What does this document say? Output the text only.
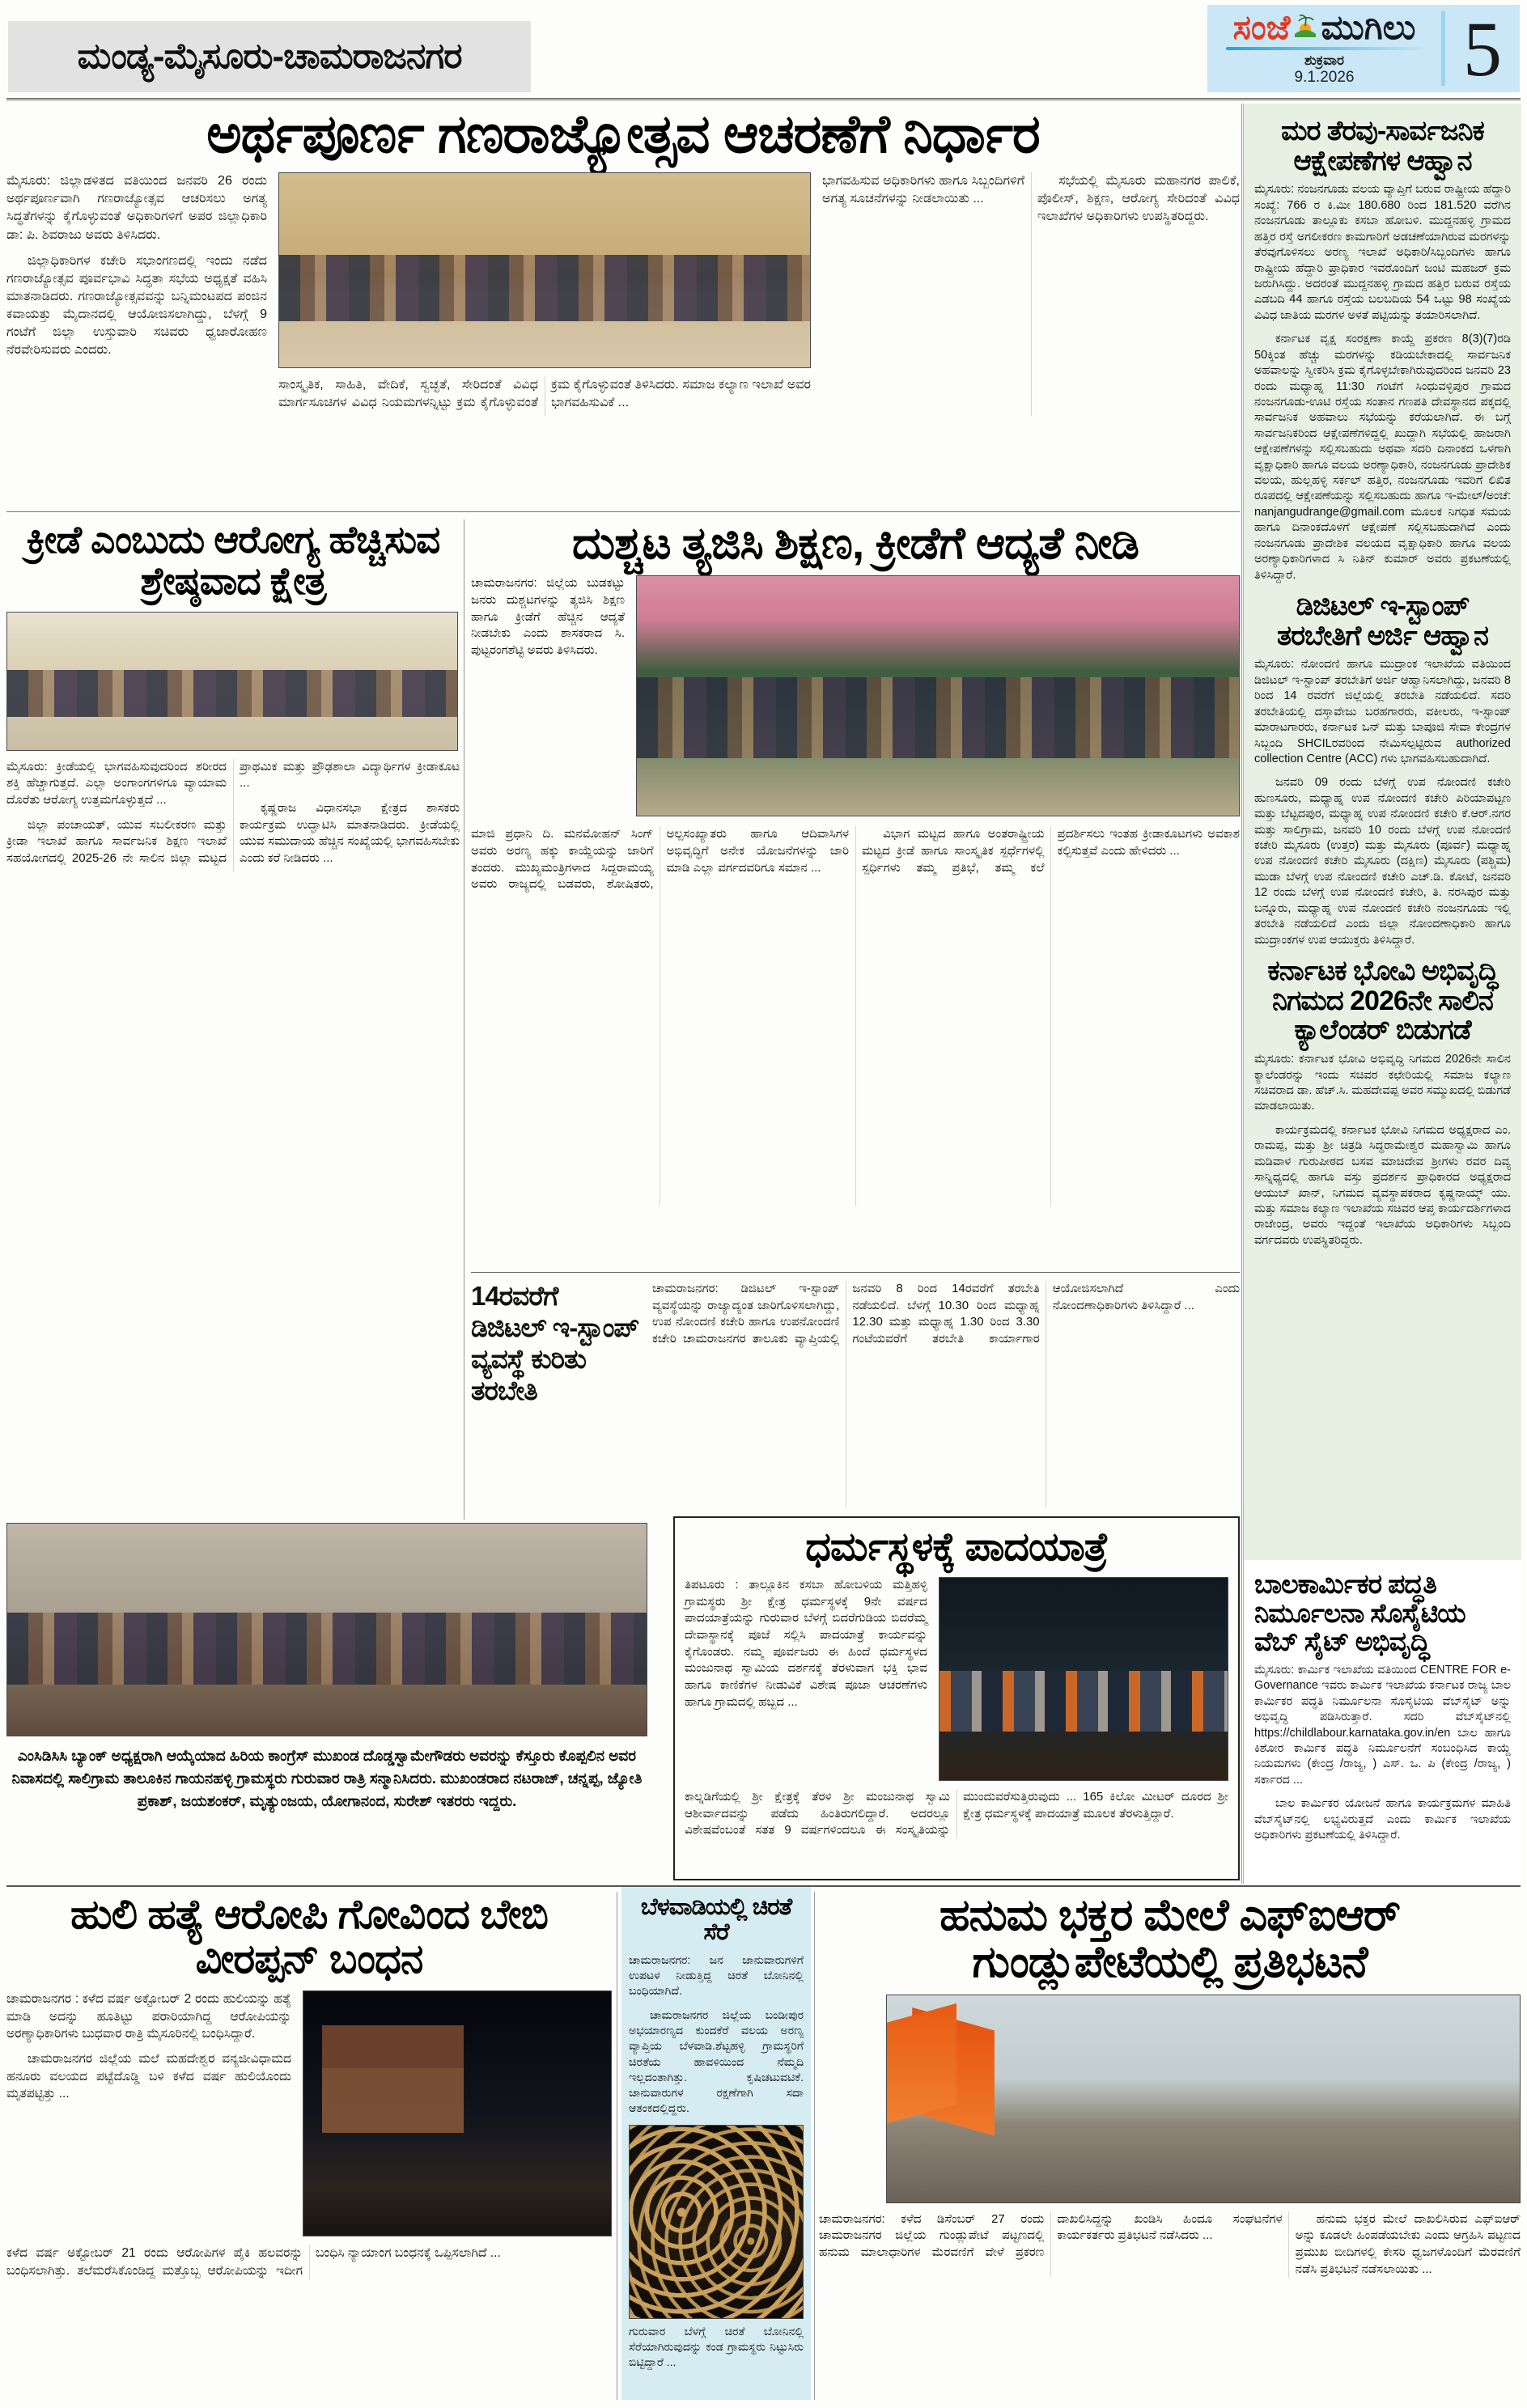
ಮಂಡ್ಯ-ಮೈಸೂರು-ಚಾಮರಾಜನಗರ
ಸಂಜೆ ಮುಗಿಲು
ಶುಕ್ರವಾರ
9.1.2026 5
ಅರ್ಥಪೂರ್ಣ ಗಣರಾಜ್ಯೋತ್ಸವ ಆಚರಣೆಗೆ ನಿರ್ಧಾರ

ಮೈಸೂರು: ಜಿಲ್ಲಾಡಳಿತದ ವತಿಯಿಂದ ಜನವರಿ 26 ರಂದು ಅರ್ಥಪೂರ್ಣವಾಗಿ ಗಣರಾಜ್ಯೋತ್ಸವ ಆಚರಿಸಲು ಅಗತ್ಯ ಸಿದ್ಧತೆಗಳನ್ನು ಕೈಗೊಳ್ಳುವಂತೆ ಅಧಿಕಾರಿಗಳಿಗೆ ಅಪರ ಜಿಲ್ಲಾಧಿಕಾರಿ ಡಾ: ಪಿ. ಶಿವರಾಜು ಅವರು ತಿಳಿಸಿದರು.

ಜಿಲ್ಲಾಧಿಕಾರಿಗಳ ಕಚೇರಿ ಸಭಾಂಗಣದಲ್ಲಿ ಇಂದು ನಡೆದ ಗಣರಾಜ್ಯೋತ್ಸವ ಪೂರ್ವಭಾವಿ ಸಿದ್ಧತಾ ಸಭೆಯ ಅಧ್ಯಕ್ಷತೆ ವಹಿಸಿ ಮಾತನಾಡಿದರು. ಗಣರಾಜ್ಯೋತ್ಸವವನ್ನು ಬನ್ನಿಮಂಟಪದ ಪಂಜಿನ ಕವಾಯತ್ತು ಮೈದಾನದಲ್ಲಿ ಆಯೋಜಿಸಲಾಗಿದ್ದು, ಬೆಳಗ್ಗೆ 9 ಗಂಟೆಗೆ ಜಿಲ್ಲಾ ಉಸ್ತುವಾರಿ ಸಚಿವರು ಧ್ವಜಾರೋಹಣ ನೆರವೇರಿಸುವರು ಎಂದರು.

ಸಾಂಸ್ಕೃತಿಕ, ಸಾಹಿತಿ, ವೇದಿಕೆ, ಸ್ವಚ್ಛತೆ, ಸೇರಿದಂತೆ ವಿವಿಧ ಮಾರ್ಗಸೂಚಿಗಳ ವಿವಿಧ ನಿಯಮಗಳನ್ನಿಟ್ಟು ಕ್ರಮ ಕೈಗೊಳ್ಳುವಂತೆ ಕ್ರಮ ಕೈಗೊಳ್ಳುವಂತೆ ತಿಳಿಸಿದರು. ಸಮಾಜ ಕಲ್ಯಾಣ ಇಲಾಖೆ ಅವರ ಭಾಗವಹಿಸುವಿಕೆ ...

ಭಾಗವಹಿಸುವ ಅಧಿಕಾರಿಗಳು ಹಾಗೂ ಸಿಬ್ಬಂದಿಗಳಿಗೆ ಅಗತ್ಯ ಸೂಚನೆಗಳನ್ನು ನೀಡಲಾಯಿತು ...

ಸಭೆಯಲ್ಲಿ ಮೈಸೂರು ಮಹಾನಗರ ಪಾಲಿಕೆ, ಪೊಲೀಸ್, ಶಿಕ್ಷಣ, ಆರೋಗ್ಯ ಸೇರಿದಂತೆ ವಿವಿಧ ಇಲಾಖೆಗಳ ಅಧಿಕಾರಿಗಳು ಉಪಸ್ಥಿತರಿದ್ದರು.

ಮರ ತೆರವು-ಸಾರ್ವಜನಿಕ ಆಕ್ಷೇಪಣೆಗಳ ಆಹ್ವಾನ

ಮೈಸೂರು: ನಂಜನಗೂಡು ವಲಯ ವ್ಯಾಪ್ತಿಗೆ ಬರುವ ರಾಷ್ಟ್ರೀಯ ಹೆದ್ದಾರಿ ಸಂಖ್ಯೆ: 766 ರ ಕಿ.ಮೀ 180.680 ರಿಂದ 181.520 ವರೆಗಿನ ನಂಜನಗೂಡು ತಾಲ್ಲೂಕು ಕಸಬಾ ಹೋಬಳಿ. ಮುದ್ದನಹಳ್ಳಿ ಗ್ರಾಮದ ಹತ್ತಿರ ರಸ್ತೆ ಅಗಲೀಕರಣ ಕಾಮಗಾರಿಗೆ ಅಡಚಣೆಯಾಗಿರುವ ಮರಗಳನ್ನು ತೆರವುಗೊಳಿಸಲು ಅರಣ್ಯ ಇಲಾಖೆ ಅಧಿಕಾರಿ/ಸಿಬ್ಬಂದಿಗಳು ಹಾಗೂ ರಾಷ್ಟ್ರೀಯ ಹೆದ್ದಾರಿ ಪ್ರಾಧಿಕಾರ ಇವರೊಂದಿಗೆ ಜಂಟಿ ಮಹಜರ್ ಕ್ರಮ ಜರುಗಿಸಿದ್ದು. ಅದರಂತೆ ಮುದ್ದನಹಳ್ಳಿ ಗ್ರಾಮದ ಹತ್ತಿರ ಬರುವ ರಸ್ತೆಯ ಎಡಬದಿ 44 ಹಾಗೂ ರಸ್ತೆಯ ಬಲಬದಿಯ 54 ಒಟ್ಟು 98 ಸಂಖ್ಯೆಯ ವಿವಿಧ ಜಾತಿಯ ಮರಗಳ ಅಳತೆ ಪಟ್ಟಿಯನ್ನು ತಯಾರಿಸಲಾಗಿದೆ.

ಕರ್ನಾಟಕ ವೃಕ್ಷ ಸಂರಕ್ಷಣಾ ಕಾಯ್ದೆ ಪ್ರಕರಣ 8(3)(7)ರಡಿ 50ಕ್ಕಿಂತ ಹೆಚ್ಚು ಮರಗಳನ್ನು ಕಡಿಯಬೇಕಾದಲ್ಲಿ ಸಾರ್ವಜನಿಕ ಅಹವಾಲನ್ನು ಸ್ವೀಕರಿಸಿ ಕ್ರಮ ಕೈಗೊಳ್ಳಬೇಕಾಗಿರುವುದರಿಂದ ಜನವರಿ 23 ರಂದು ಮಧ್ಯಾಹ್ನ 11:30 ಗಂಟೆಗೆ ಸಿಂಧುವಳ್ಳಿಪುರ ಗ್ರಾಮದ ನಂಜನಗೂಡು-ಊಟಿ ರಸ್ತೆಯ ಸಂತಾನ ಗಣಪತಿ ದೇವಸ್ಥಾನದ ಪಕ್ಕದಲ್ಲಿ ಸಾರ್ವಜನಿಕ ಅಹವಾಲು ಸಭೆಯನ್ನು ಕರೆಯಲಾಗಿದೆ. ಈ ಬಗ್ಗೆ ಸಾರ್ವಜನಿಕರಿಂದ ಆಕ್ಷೇಪಣೆಗಳಿದ್ದಲ್ಲಿ ಖುದ್ದಾಗಿ ಸಭೆಯಲ್ಲಿ ಹಾಜರಾಗಿ ಆಕ್ಷೇಪಣೆಗಳನ್ನು ಸಲ್ಲಿಸಬಹುದು ಅಥವಾ ಸದರಿ ದಿನಾಂಕದ ಒಳಗಾಗಿ ವೃಕ್ಷಾಧಿಕಾರಿ ಹಾಗೂ ವಲಯ ಅರಣ್ಯಾಧಿಕಾರಿ, ನಂಜನಗೂಡು ಪ್ರಾದೇಶಿಕ ವಲಯ, ಹುಲ್ಲಹಳ್ಳಿ ಸರ್ಕಲ್ ಹತ್ತಿರ, ನಂಜನಗೂಡು ಇವರಿಗೆ ಲಿಖಿತ ರೂಪದಲ್ಲಿ ಆಕ್ಷೇಪಣೆಯನ್ನು ಸಲ್ಲಿಸಬಹುದು ಹಾಗೂ ಇ-ಮೇಲ್/ಅಂಚೆ: nanjangudrange@gmail.com ಮೂಲಕ ನಿಗಧಿತ ಸಮಯ ಹಾಗೂ ದಿನಾಂಕದೊಳಗೆ ಆಕ್ಷೇಪಣೆ ಸಲ್ಲಿಸಬಹುದಾಗಿದೆ ಎಂದು ನಂಜನಗೂಡು ಪ್ರಾದೇಶಿಕ ವಲಯದ ವೃಕ್ಷಾಧಿಕಾರಿ ಹಾಗೂ ವಲಯ ಅರಣ್ಯಾಧಿಕಾರಿಗಳಾದ ಸಿ ನಿತಿನ್ ಕುಮಾರ್ ಅವರು ಪ್ರಕಟಣೆಯಲ್ಲಿ ತಿಳಿಸಿದ್ದಾರೆ.

ಡಿಜಿಟಲ್ ಇ-ಸ್ಟಾಂಪ್ ತರಬೇತಿಗೆ ಅರ್ಜಿ ಆಹ್ವಾನ

ಮೈಸೂರು: ನೋಂದಣಿ ಹಾಗೂ ಮುದ್ರಾಂಕ ಇಲಾಖೆಯ ವತಿಯಿಂದ ಡಿಜಿಟಲ್ ಇ-ಸ್ಟಾಂಪ್ ತರಬೇತಿಗೆ ಅರ್ಜಿ ಆಹ್ವಾನಿಸಲಾಗಿದ್ದು, ಜನವರಿ 8 ರಿಂದ 14 ರವರೆಗೆ ಜಿಲ್ಲೆಯಲ್ಲಿ ತರಬೇತಿ ನಡೆಯಲಿದೆ. ಸದರಿ ತರಬೇತಿಯಲ್ಲಿ ದಸ್ತಾವೇಜು ಬರಹಗಾರರು, ವಕೀಲರು, ಇ-ಸ್ಟಾಂಪ್ ಮಾರಾಟಗಾರರು, ಕರ್ನಾಟಕ ಒನ್ ಮತ್ತು ಬಾಪೂಜಿ ಸೇವಾ ಕೇಂದ್ರಗಳ ಸಿಬ್ಬಂದಿ SHCILರವರಿಂದ ನೇಮಿಸಲ್ಪಟ್ಟಿರುವ authorized collection Centre (ACC) ಗಳು ಭಾಗವಹಿಸಬಹುದಾಗಿದೆ.

ಜನವರಿ 09 ರಂದು ಬೆಳಗ್ಗೆ ಉಪ ನೋಂದಣಿ ಕಚೇರಿ ಹುಣಸೂರು, ಮಧ್ಯಾಹ್ನ ಉಪ ನೋಂದಣಿ ಕಚೇರಿ ಪಿರಿಯಾಪಟ್ಟಣ ಮತ್ತು ಬೆಟ್ಟದಪುರ, ಮಧ್ಯಾಹ್ನ ಉಪ ನೋಂದಣಿ ಕಚೇರಿ ಕೆ.ಆರ್.ನಗರ ಮತ್ತು ಸಾಲಿಗ್ರಾಮ, ಜನವರಿ 10 ರಂದು ಬೆಳಗ್ಗೆ ಉಪ ನೋಂದಣಿ ಕಚೇರಿ ಮೈಸೂರು (ಉತ್ತರ) ಮತ್ತು ಮೈಸೂರು (ಪೂರ್ವ) ಮಧ್ಯಾಹ್ನ ಉಪ ನೋಂದಣಿ ಕಚೇರಿ ಮೈಸೂರು (ದಕ್ಷಿಣ) ಮೈಸೂರು (ಪಶ್ಚಿಮ) ಮುಡಾ ಬೆಳಗ್ಗೆ ಉಪ ನೋಂದಣಿ ಕಚೇರಿ ಎಚ್.ಡಿ. ಕೋಟೆ, ಜನವರಿ 12 ರಂದು ಬೆಳಗ್ಗೆ ಉಪ ನೋಂದಣಿ ಕಚೇರಿ, ತಿ. ನರಸಿಪುರ ಮತ್ತು ಬನ್ನೂರು, ಮಧ್ಯಾಹ್ನ ಉಪ ನೋಂದಣಿ ಕಚೇರಿ ನಂಜನಗೂಡು ಇಲ್ಲಿ ತರಬೇತಿ ನಡೆಯಲಿದೆ ಎಂದು ಜಿಲ್ಲಾ ನೋಂದಣಾಧಿಕಾರಿ ಹಾಗೂ ಮುದ್ರಾಂಕಗಳ ಉಪ ಆಯುಕ್ತರು ತಿಳಿಸಿದ್ದಾರೆ.

ಕರ್ನಾಟಕ ಭೋವಿ ಅಭಿವೃದ್ಧಿ ನಿಗಮದ 2026ನೇ ಸಾಲಿನ ಕ್ಯಾಲೆಂಡರ್ ಬಿಡುಗಡೆ

ಮೈಸೂರು: ಕರ್ನಾಟಕ ಭೋವಿ ಅಭಿವೃದ್ಧಿ ನಿಗಮದ 2026ನೇ ಸಾಲಿನ ಕ್ಯಾಲೆಂಡರನ್ನು ಇಂದು ಸಚಿವರ ಕಛೇರಿಯಲ್ಲಿ ಸಮಾಜ ಕಲ್ಯಾಣ ಸಚಿವರಾದ ಡಾ. ಹೆಚ್.ಸಿ. ಮಹದೇವಪ್ಪ ಅವರ ಸಮ್ಮುಖದಲ್ಲಿ ಬಿಡುಗಡೆ ಮಾಡಲಾಯಿತು.

ಕಾರ್ಯಕ್ರಮದಲ್ಲಿ ಕರ್ನಾಟಕ ಭೋವಿ ನಿಗಮದ ಅಧ್ಯಕ್ಷರಾದ ಎಂ. ರಾಮಪ್ಪ, ಮತ್ತು ಶ್ರೀ ಚಿತ್ರಡಿ ಸಿದ್ಧರಾಮೇಶ್ವರ ಮಹಾಸ್ವಾಮಿ ಹಾಗೂ ಮಡಿವಾಳ ಗುರುಪೀಠದ ಬಸವ ಮಾಚಿದೇವ ಶ್ರೀಗಳು ರವರ ದಿವ್ಯ ಸಾನ್ನಿಧ್ಯದಲ್ಲಿ ಹಾಗೂ ವಸ್ತು ಪ್ರದರ್ಶನ ಪ್ರಾಧಿಕಾರದ ಅಧ್ಯಕ್ಷರಾದ ಆಯುಬ್ ಖಾನ್, ನಿಗಮದ ವ್ಯವಸ್ಥಾಪಕರಾದ ಕೃಷ್ಣನಾಯ್ಕ್ ಯು. ಮತ್ತು ಸಮಾಜ ಕಲ್ಯಾಣ ಇಲಾಖೆಯ ಸಚಿವರ ಆಪ್ತ ಕಾರ್ಯದರ್ಶಿಗಳಾದ ರಾಜೇಂದ್ರ, ಅವರು ಇದ್ದಂತೆ ಇಲಾಖೆಯ ಅಧಿಕಾರಿಗಳು ಸಿಬ್ಬಂದಿ ವರ್ಗದವರು ಉಪಸ್ಥಿತರಿದ್ದರು.

ಬಾಲಕಾರ್ಮಿಕರ ಪದ್ಧತಿ ನಿರ್ಮೂಲನಾ ಸೊಸೈಟಿಯ ವೆಬ್ ಸೈಟ್ ಅಭಿವೃದ್ಧಿ

ಮೈಸೂರು: ಕಾರ್ಮಿಕ ಇಲಾಖೆಯ ವತಿಯಿಂದ CENTRE FOR e-Governance ಇವರು ಕಾರ್ಮಿಕ ಇಲಾಖೆಯ ಕರ್ನಾಟಕ ರಾಜ್ಯ ಬಾಲ ಕಾರ್ಮಿಕರ ಪದ್ಧತಿ ನಿರ್ಮೂಲನಾ ಸೊಸೈಟಿಯ ವೆಬ್‌ಸೈಟ್ ಅನ್ನು ಅಭಿವೃದ್ಧಿ ಪಡಿಸಿರುತ್ತಾರೆ. ಸದರಿ ವೆಬ್‌ಸೈಟ್‌ನಲ್ಲಿ https://childlabour.karnataka.gov.in/en ಬಾಲ ಹಾಗೂ ಕಿಶೋರ ಕಾರ್ಮಿಕ ಪದ್ಧತಿ ನಿರ್ಮೂಲನೆಗೆ ಸಂಬಂಧಿಸಿದ ಕಾಯ್ದೆ ನಿಯಮಗಳು (ಕೇಂದ್ರ /ರಾಜ್ಯ, ) ಎಸ್. ಒ. ಪಿ (ಕೇಂದ್ರ /ರಾಜ್ಯ, ) ಸರ್ಕಾರದ ...

ಬಾಲ ಕಾರ್ಮಿಕರ ಯೋಜನೆ ಹಾಗೂ ಕಾರ್ಯಕ್ರಮಗಳ ಮಾಹಿತಿ ವೆಬ್‌ಸೈಟ್‌ನಲ್ಲಿ ಲಭ್ಯವಿರುತ್ತದೆ ಎಂದು ಕಾರ್ಮಿಕ ಇಲಾಖೆಯ ಅಧಿಕಾರಿಗಳು ಪ್ರಕಟಣೆಯಲ್ಲಿ ತಿಳಿಸಿದ್ದಾರೆ.

ಕ್ರೀಡೆ ಎಂಬುದು ಆರೋಗ್ಯ ಹೆಚ್ಚಿಸುವ ಶ್ರೇಷ್ಠವಾದ ಕ್ಷೇತ್ರ

ಮೈಸೂರು: ಕ್ರೀಡೆಯಲ್ಲಿ ಭಾಗವಹಿಸುವುದರಿಂದ ಶರೀರದ ಶಕ್ತಿ ಹೆಚ್ಚಾಗುತ್ತದೆ. ಎಲ್ಲಾ ಅಂಗಾಂಗಗಳಿಗೂ ವ್ಯಾಯಾಮ ದೊರೆತು ಆರೋಗ್ಯ ಉತ್ತಮಗೊಳ್ಳುತ್ತದೆ ...

ಜಿಲ್ಲಾ ಪಂಚಾಯತ್, ಯುವ ಸಬಲೀಕರಣ ಮತ್ತು ಕ್ರೀಡಾ ಇಲಾಖೆ ಹಾಗೂ ಸಾರ್ವಜನಿಕ ಶಿಕ್ಷಣ ಇಲಾಖೆ ಸಹಯೋಗದಲ್ಲಿ 2025-26 ನೇ ಸಾಲಿನ ಜಿಲ್ಲಾ ಮಟ್ಟದ ಪ್ರಾಥಮಿಕ ಮತ್ತು ಪ್ರೌಢಶಾಲಾ ವಿದ್ಯಾರ್ಥಿಗಳ ಕ್ರೀಡಾಕೂಟ ...

ಕೃಷ್ಣರಾಜ ವಿಧಾನಸಭಾ ಕ್ಷೇತ್ರದ ಶಾಸಕರು ಕಾರ್ಯಕ್ರಮ ಉದ್ಘಾಟಿಸಿ ಮಾತನಾಡಿದರು. ಕ್ರೀಡೆಯಲ್ಲಿ ಯುವ ಸಮುದಾಯ ಹೆಚ್ಚಿನ ಸಂಖ್ಯೆಯಲ್ಲಿ ಭಾಗವಹಿಸಬೇಕು ಎಂದು ಕರೆ ನೀಡಿದರು ...

ದುಶ್ಚಟ ತ್ಯಜಿಸಿ ಶಿಕ್ಷಣ, ಕ್ರೀಡೆಗೆ ಆದ್ಯತೆ ನೀಡಿ

ಚಾಮರಾಜನಗರ: ಜಿಲ್ಲೆಯ ಬುಡಕಟ್ಟು ಜನರು ದುಶ್ಚಟಗಳನ್ನು ತ್ಯಜಿಸಿ ಶಿಕ್ಷಣ ಹಾಗೂ ಕ್ರೀಡೆಗೆ ಹೆಚ್ಚಿನ ಆದ್ಯತೆ ನೀಡಬೇಕು ಎಂದು ಶಾಸಕರಾದ ಸಿ. ಪುಟ್ಟರಂಗಶೆಟ್ಟಿ ಅವರು ತಿಳಿಸಿದರು.

ಮಾಜಿ ಪ್ರಧಾನಿ ದಿ. ಮನಮೋಹನ್ ಸಿಂಗ್ ಅವರು ಅರಣ್ಯ ಹಕ್ಕು ಕಾಯ್ದೆಯನ್ನು ಜಾರಿಗೆ ತಂದರು. ಮುಖ್ಯಮಂತ್ರಿಗಳಾದ ಸಿದ್ದರಾಮಯ್ಯ ಅವರು ರಾಜ್ಯದಲ್ಲಿ ಬಡವರು, ಶೋಷಿತರು, ಅಲ್ಪಸಂಖ್ಯಾತರು ಹಾಗೂ ಆದಿವಾಸಿಗಳ ಅಭಿವೃದ್ಧಿಗೆ ಅನೇಕ ಯೋಜನೆಗಳನ್ನು ಜಾರಿ ಮಾಡಿ ಎಲ್ಲಾ ವರ್ಗದವರಿಗೂ ಸಮಾನ ...

ವಿಭಾಗ ಮಟ್ಟದ ಹಾಗೂ ಅಂತರಾಷ್ಟ್ರೀಯ ಮಟ್ಟದ ಕ್ರೀಡೆ ಹಾಗೂ ಸಾಂಸ್ಕೃತಿಕ ಸ್ಪರ್ಧೆಗಳಲ್ಲಿ ಸ್ಪರ್ಧಿಗಳು ತಮ್ಮ ಪ್ರತಿಭೆ, ತಮ್ಮ ಕಲೆ ಪ್ರದರ್ಶಿಸಲು ಇಂತಹ ಕ್ರೀಡಾಕೂಟಗಳು ಅವಕಾಶ ಕಲ್ಪಿಸುತ್ತವೆ ಎಂದು ಹೇಳಿದರು ...

14ರವರೆಗೆ ಡಿಜಿಟಲ್ ಇ-ಸ್ಟಾಂಪ್ ವ್ಯವಸ್ಥೆ ಕುರಿತು ತರಬೇತಿ

ಚಾಮರಾಜನಗರ: ಡಿಜಿಟಲ್ ಇ-ಸ್ಟಾಂಪ್ ವ್ಯವಸ್ಥೆಯನ್ನು ರಾಜ್ಯಾದ್ಯಂತ ಜಾರಿಗೊಳಿಸಲಾಗಿದ್ದು, ಉಪ ನೋಂದಣಿ ಕಚೇರಿ ಹಾಗೂ ಉಪನೋಂದಣಿ ಕಚೇರಿ ಚಾಮರಾಜನಗರ ತಾಲೂಕು ವ್ಯಾಪ್ತಿಯಲ್ಲಿ ಜನವರಿ 8 ರಿಂದ 14ರವರೆಗೆ ತರಬೇತಿ ನಡೆಯಲಿದೆ. ಬೆಳಗ್ಗೆ 10.30 ರಿಂದ ಮಧ್ಯಾಹ್ನ 12.30 ಮತ್ತು ಮಧ್ಯಾಹ್ನ 1.30 ರಿಂದ 3.30 ಗಂಟೆಯವರೆಗೆ ತರಬೇತಿ ಕಾರ್ಯಾಗಾರ ಆಯೋಜಿಸಲಾಗಿದೆ ಎಂದು ನೋಂದಣಾಧಿಕಾರಿಗಳು ತಿಳಿಸಿದ್ದಾರೆ ...

ಎಂಸಿಡಿಸಿಸಿ ಬ್ಯಾಂಕ್ ಅಧ್ಯಕ್ಷರಾಗಿ ಆಯ್ಕೆಯಾದ ಹಿರಿಯ ಕಾಂಗ್ರೆಸ್ ಮುಖಂಡ ದೊಡ್ಡಸ್ವಾಮೇಗೌಡರು ಅವರನ್ನು ಕೆಸ್ತೂರು ಕೊಪ್ಪಲಿನ ಅವರ ನಿವಾಸದಲ್ಲಿ ಸಾಲಿಗ್ರಾಮ ತಾಲೂಕಿನ ಗಾಯನಹಳ್ಳಿ ಗ್ರಾಮಸ್ಥರು ಗುರುವಾರ ರಾತ್ರಿ ಸನ್ಮಾನಿಸಿದರು. ಮುಖಂಡರಾದ ನಟರಾಜ್, ಚನ್ನಪ್ಪ, ಜ್ಯೋತಿ ಪ್ರಕಾಶ್, ಜಯಶಂಕರ್, ಮೃತ್ಯುಂಜಯ, ಯೋಗಾನಂದ, ಸುರೇಶ್ ಇತರರು ಇದ್ದರು.
ಧರ್ಮಸ್ಥಳಕ್ಕೆ ಪಾದಯಾತ್ರೆ

ತಿಪಟೂರು : ತಾಲ್ಲೂಕಿನ ಕಸಬಾ ಹೋಬಳಿಯ ಮತ್ತಿಹಳ್ಳಿ ಗ್ರಾಮಸ್ಥರು ಶ್ರೀ ಕ್ಷೇತ್ರ ಧರ್ಮಸ್ಥಳಕ್ಕೆ 9ನೇ ವರ್ಷದ ಪಾದಯಾತ್ರೆಯನ್ನು ಗುರುವಾರ ಬೆಳಗ್ಗೆ ಬಿದರೆಗುಡಿಯ ಬಿದರೆಮ್ಮ ದೇವಾಸ್ಥಾನಕ್ಕೆ ಪೂಜೆ ಸಲ್ಲಿಸಿ ಪಾದಯಾತ್ರೆ ಕಾರ್ಯವನ್ನು ಕೈಗೊಂಡರು. ನಮ್ಮ ಪೂರ್ವಜರು ಈ ಹಿಂದೆ ಧರ್ಮಸ್ಥಳದ ಮಂಜುನಾಥ ಸ್ವಾಮಿಯ ದರ್ಶನಕ್ಕೆ ತೆರಳುವಾಗ ಭಕ್ತಿ ಭಾವ ಹಾಗೂ ಕಾಣಿಕೆಗಳ ನೀಡುವಿಕೆ ವಿಶೇಷ ಪೂಜಾ ಆಚರಣೆಗಳು ಹಾಗೂ ಗ್ರಾಮದಲ್ಲಿ ಹಬ್ಬದ ...

ಕಾಲ್ನಡಿಗೆಯಲ್ಲಿ ಶ್ರೀ ಕ್ಷೇತ್ರಕ್ಕೆ ತೆರಳಿ ಶ್ರೀ ಮಂಜುನಾಥ ಸ್ವಾಮಿ ಆಶೀರ್ವಾದವನ್ನು ಪಡೆದು ಹಿಂತಿರುಗಲಿದ್ದಾರೆ. ಅದರಲ್ಲೂ ವಿಶೇಷವೆಂಬಂತೆ ಸತತ 9 ವರ್ಷಗಳಿಂದಲೂ ಈ ಸಂಸ್ಕೃತಿಯನ್ನು ಮುಂದುವರೆಸುತ್ತಿರುವುದು ... 165 ಕಿಲೋ ಮೀಟರ್ ದೂರದ ಶ್ರೀ ಕ್ಷೇತ್ರ ಧರ್ಮಸ್ಥಳಕ್ಕೆ ಪಾದಯಾತ್ರೆ ಮೂಲಕ ತೆರಳುತ್ತಿದ್ದಾರೆ.

ಹುಲಿ ಹತ್ಯೆ ಆರೋಪಿ ಗೋವಿಂದ ಬೇಬಿ ವೀರಪ್ಪನ್ ಬಂಧನ

ಚಾಮರಾಜನಗರ : ಕಳೆದ ವರ್ಷ ಅಕ್ಟೋಬರ್ 2 ರಂದು ಹುಲಿಯನ್ನು ಹತ್ಯೆ ಮಾಡಿ ಅದನ್ನು ಹೂತಿಟ್ಟು ಪರಾರಿಯಾಗಿದ್ದ ಆರೋಪಿಯನ್ನು ಅರಣ್ಯಾಧಿಕಾರಿಗಳು ಬುಧವಾರ ರಾತ್ರಿ ಮೈಸೂರಿನಲ್ಲಿ ಬಂಧಿಸಿದ್ದಾರೆ.

ಚಾಮರಾಜನಗರ ಜಿಲ್ಲೆಯ ಮಲೆ ಮಹದೇಶ್ವರ ವನ್ಯಜೀವಿಧಾಮದ ಹನೂರು ವಲಯದ ಪಟ್ಟೆದೊಡ್ಡಿ ಬಳಿ ಕಳೆದ ವರ್ಷ ಹುಲಿಯೊಂದು ಮೃತಪಟ್ಟಿತ್ತು ...

ಕಳೆದ ವರ್ಷ ಅಕ್ಟೋಬರ್ 21 ರಂದು ಆರೋಪಿಗಳ ಪೈಕಿ ಹಲವರನ್ನು ಬಂಧಿಸಲಾಗಿತ್ತು. ತಲೆಮರೆಸಿಕೊಂಡಿದ್ದ ಮತ್ತೊಬ್ಬ ಆರೋಪಿಯನ್ನು ಇದೀಗ ಬಂಧಿಸಿ ನ್ಯಾಯಾಂಗ ಬಂಧನಕ್ಕೆ ಒಪ್ಪಿಸಲಾಗಿದೆ ...

ಬೆಳವಾಡಿಯಲ್ಲಿ ಚಿರತೆ ಸೆರೆ

ಚಾಮರಾಜನಗರ: ಜನ ಜಾನುವಾರುಗಳಿಗೆ ಉಪಟಳ ನೀಡುತ್ತಿದ್ದ ಚಿರತೆ ಬೋನಿನಲ್ಲಿ ಬಂಧಿಯಾಗಿದೆ.

ಚಾಮರಾಜನಗರ ಜಿಲ್ಲೆಯ ಬಂಡೀಪುರ ಅಭಯಾರಣ್ಯದ ಕುಂದಕೆರೆ ವಲಯ ಅರಣ್ಯ ವ್ಯಾಪ್ತಿಯ ಬೆಳವಾಡಿ.ಶೆಟ್ಟಹಳ್ಳಿ ಗ್ರಾಮಸ್ಥರಿಗೆ ಚಿರತೆಯ ಹಾವಳಿಯಿಂದ ನೆಮ್ಮದಿ ಇಲ್ಲದಂತಾಗಿತ್ತು. ಕೃಷಿಚಟುವಟಿಕೆ. ಜಾನುವಾರುಗಳ ರಕ್ಷಣೆಗಾಗಿ ಸದಾ ಆತಂಕದಲ್ಲಿದ್ದರು.

ಗುರುವಾರ ಬೆಳಗ್ಗೆ ಚಿರತೆ ಬೋನಿನಲ್ಲಿ ಸೆರೆಯಾಗಿರುವುದನ್ನು ಕಂಡ ಗ್ರಾಮಸ್ಥರು ನಿಟ್ಟುಸಿರು ಬಿಟ್ಟಿದ್ದಾರೆ ...

ಹನುಮ ಭಕ್ತರ ಮೇಲೆ ಎಫ್‌ಐಆರ್ ಗುಂಡ್ಲುಪೇಟೆಯಲ್ಲಿ ಪ್ರತಿಭಟನೆ

ಚಾಮರಾಜನಗರ: ಕಳೆದ ಡಿಸೆಂಬರ್ 27 ರಂದು ಚಾಮರಾಜನಗರ ಜಿಲ್ಲೆಯ ಗುಂಡ್ಲುಪೇಟೆ ಪಟ್ಟಣದಲ್ಲಿ ಹನುಮ ಮಾಲಾಧಾರಿಗಳ ಮೆರವಣಿಗೆ ವೇಳೆ ಪ್ರಕರಣ ದಾಖಲಿಸಿದ್ದನ್ನು ಖಂಡಿಸಿ ಹಿಂದೂ ಸಂಘಟನೆಗಳ ಕಾರ್ಯಕರ್ತರು ಪ್ರತಿಭಟನೆ ನಡೆಸಿದರು ...

ಹನುಮ ಭಕ್ತರ ಮೇಲೆ ದಾಖಲಿಸಿರುವ ಎಫ್‌ಐಆರ್ ಅನ್ನು ಕೂಡಲೇ ಹಿಂಪಡೆಯಬೇಕು ಎಂದು ಆಗ್ರಹಿಸಿ ಪಟ್ಟಣದ ಪ್ರಮುಖ ಬೀದಿಗಳಲ್ಲಿ ಕೇಸರಿ ಧ್ವಜಗಳೊಂದಿಗೆ ಮೆರವಣಿಗೆ ನಡೆಸಿ ಪ್ರತಿಭಟನೆ ನಡೆಸಲಾಯಿತು ...
